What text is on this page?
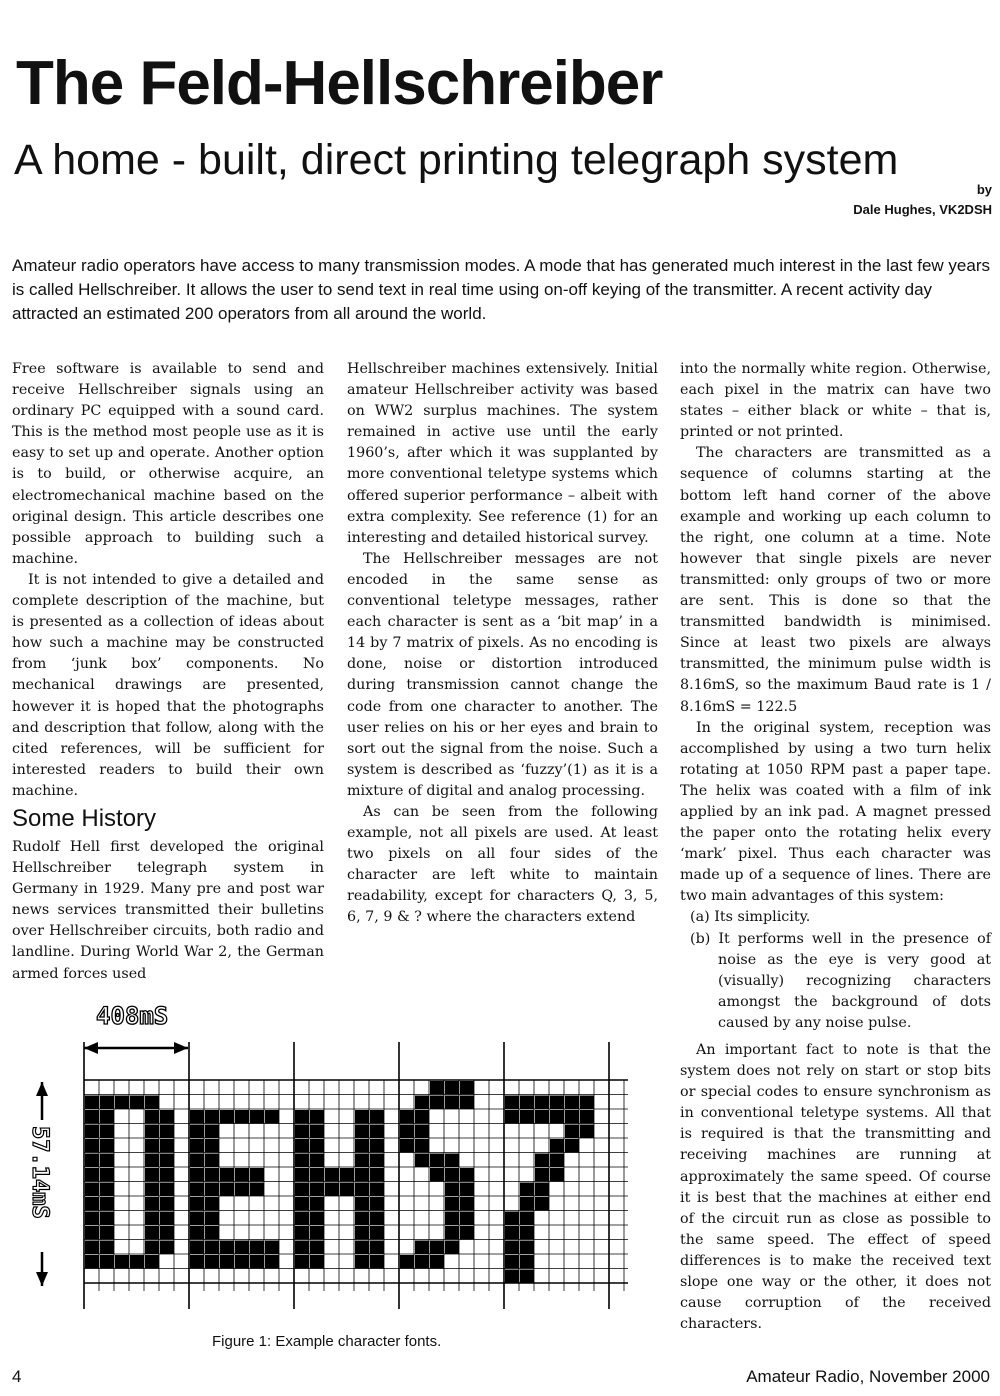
The Feld-Hellschreiber
A home - built, direct printing telegraph system
by
Dale Hughes, VK2DSH
Amateur radio operators have access to many transmission modes. A mode that has generated much interest in the last few years is called Hellschreiber. It allows the user to send text in real time using on-off keying of the transmitter. A recent activity day attracted an estimated 200 operators from all around the world.

Free software is available to send and receive Hellschreiber signals using an ordinary PC equipped with a sound card. This is the method most people use as it is easy to set up and operate. Another option is to build, or otherwise acquire, an electromechanical machine based on the original design. This article describes one possible approach to building such a machine.

It is not intended to give a detailed and complete description of the machine, but is presented as a collection of ideas about how such a machine may be constructed from ‘junk box’ components. No mechanical drawings are presented, however it is hoped that the photographs and description that follow, along with the cited references, will be sufficient for interested readers to build their own machine.

Some History

Rudolf Hell first developed the original Hellschreiber telegraph system in Germany in 1929. Many pre and post war news services transmitted their bulletins over Hellschreiber circuits, both radio and landline. During World War 2, the German armed forces used

Hellschreiber machines extensively. Initial amateur Hellschreiber activity was based on WW2 surplus machines. The system remained in active use until the early 1960’s, after which it was supplanted by more conventional teletype systems which offered superior performance – albeit with extra complexity. See reference (1) for an interesting and detailed historical survey.

The Hellschreiber messages are not encoded in the same sense as conventional teletype messages, rather each character is sent as a ‘bit map’ in a 14 by 7 matrix of pixels. As no encoding is done, noise or distortion introduced during transmission cannot change the code from one character to another. The user relies on his or her eyes and brain to sort out the signal from the noise. Such a system is described as ‘fuzzy’(1) as it is a mixture of digital and analog processing.

As can be seen from the following example, not all pixels are used. At least two pixels on all four sides of the character are left white to maintain readability, except for characters Q, 3, 5, 6, 7, 9 & ? where the characters extend

into the normally white region. Otherwise, each pixel in the matrix can have two states – either black or white – that is, printed or not printed.

The characters are transmitted as a sequence of columns starting at the bottom left hand corner of the above example and working up each column to the right, one column at a time. Note however that single pixels are never transmitted: only groups of two or more are sent. This is done so that the transmitted bandwidth is minimised. Since at least two pixels are always transmitted, the minimum pulse width is 8.16mS, so the maximum Baud rate is 1 / 8.16mS = 122.5

In the original system, reception was accomplished by using a two turn helix rotating at 1050 RPM past a paper tape. The helix was coated with a film of ink applied by an ink pad. A magnet pressed the paper onto the rotating helix every ‘mark’ pixel. Thus each character was made up of a sequence of lines. There are two main advantages of this system:

(a) Its simplicity.

(b) It performs well in the presence of noise as the eye is very good at (visually) recognizing characters amongst the background of dots caused by any noise pulse.

An important fact to note is that the system does not rely on start or stop bits or special codes to ensure synchronism as in conventional teletype systems. All that is required is that the transmitting and receiving machines are running at approximately the same speed. Of course it is best that the machines at either end of the circuit run as close as possible to the same speed. The effect of speed differences is to make the received text slope one way or the other, it does not cause corruption of the received characters.

408mS
57.14mS
Figure 1: Example character fonts.
4	Amateur Radio, November 2000
